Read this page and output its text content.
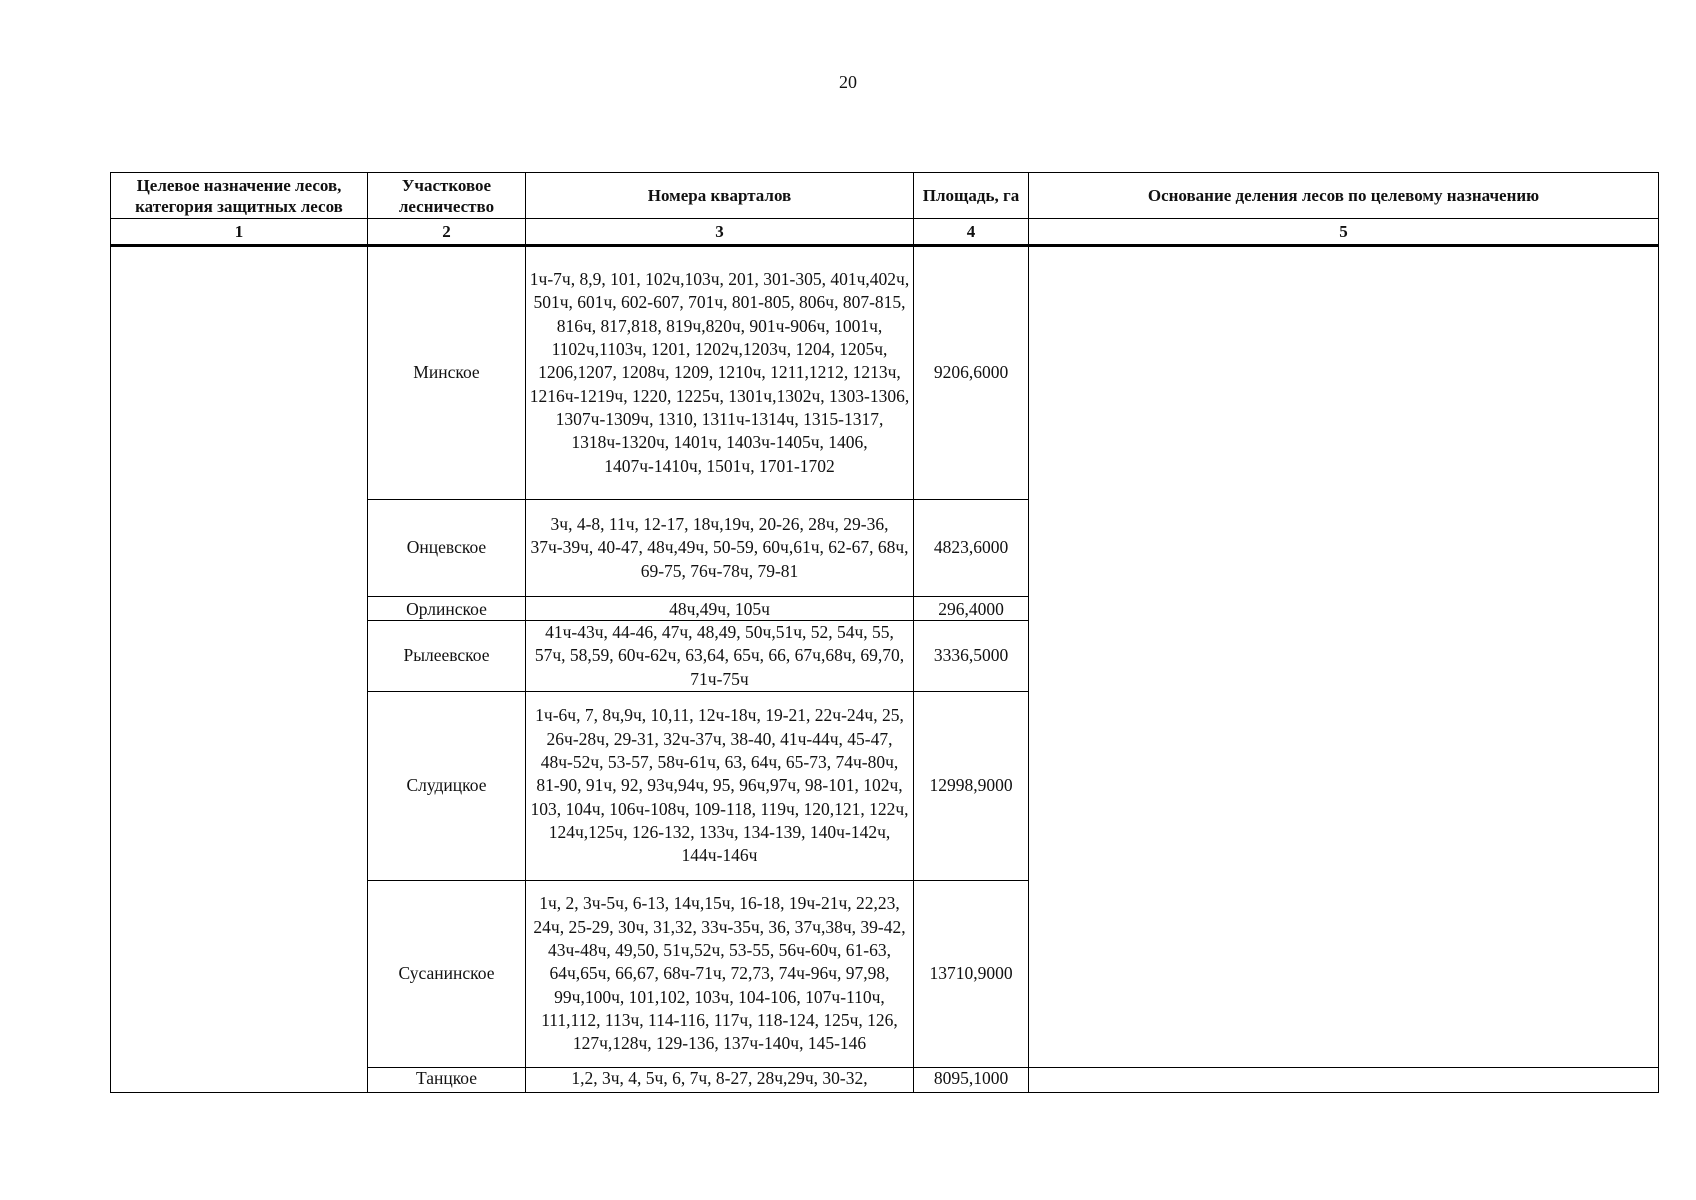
20
Целевое назначение лесов, категория защитных лесов	Участковое лесничество	Номера кварталов	Площадь, га	Основание деления лесов по целевому назначению
1	2	3	4	5
	Минское	1ч-7ч, 8,9, 101, 102ч,103ч, 201, 301-305, 401ч,402ч, 501ч, 601ч, 602-607, 701ч, 801-805, 806ч, 807-815, 816ч, 817,818, 819ч,820ч, 901ч-906ч, 1001ч, 1102ч,1103ч, 1201, 1202ч,1203ч, 1204, 1205ч, 1206,1207, 1208ч, 1209, 1210ч, 1211,1212, 1213ч, 1216ч-1219ч, 1220, 1225ч, 1301ч,1302ч, 1303-1306, 1307ч-1309ч, 1310, 1311ч-1314ч, 1315-1317, 1318ч-1320ч, 1401ч, 1403ч-1405ч, 1406, 1407ч-1410ч, 1501ч, 1701-1702	9206,6000	
	Онцевское	3ч, 4-8, 11ч, 12-17, 18ч,19ч, 20-26, 28ч, 29-36, 37ч-39ч, 40-47, 48ч,49ч, 50-59, 60ч,61ч, 62-67, 68ч, 69-75, 76ч-78ч, 79-81	4823,6000	
	Орлинское	48ч,49ч, 105ч	296,4000	
	Рылеевское	41ч-43ч, 44-46, 47ч, 48,49, 50ч,51ч, 52, 54ч, 55, 57ч, 58,59, 60ч-62ч, 63,64, 65ч, 66, 67ч,68ч, 69,70, 71ч-75ч	3336,5000	
	Слудицкое	1ч-6ч, 7, 8ч,9ч, 10,11, 12ч-18ч, 19-21, 22ч-24ч, 25, 26ч-28ч, 29-31, 32ч-37ч, 38-40, 41ч-44ч, 45-47, 48ч-52ч, 53-57, 58ч-61ч, 63, 64ч, 65-73, 74ч-80ч, 81-90, 91ч, 92, 93ч,94ч, 95, 96ч,97ч, 98-101, 102ч, 103, 104ч, 106ч-108ч, 109-118, 119ч, 120,121, 122ч, 124ч,125ч, 126-132, 133ч, 134-139, 140ч-142ч, 144ч-146ч	12998,9000	
	Сусанинское	1ч, 2, 3ч-5ч, 6-13, 14ч,15ч, 16-18, 19ч-21ч, 22,23, 24ч, 25-29, 30ч, 31,32, 33ч-35ч, 36, 37ч,38ч, 39-42, 43ч-48ч, 49,50, 51ч,52ч, 53-55, 56ч-60ч, 61-63, 64ч,65ч, 66,67, 68ч-71ч, 72,73, 74ч-96ч, 97,98, 99ч,100ч, 101,102, 103ч, 104-106, 107ч-110ч, 111,112, 113ч, 114-116, 117ч, 118-124, 125ч, 126, 127ч,128ч, 129-136, 137ч-140ч, 145-146	13710,9000	
	Танцкое	1,2, 3ч, 4, 5ч, 6, 7ч, 8-27, 28ч,29ч, 30-32,	8095,1000	
